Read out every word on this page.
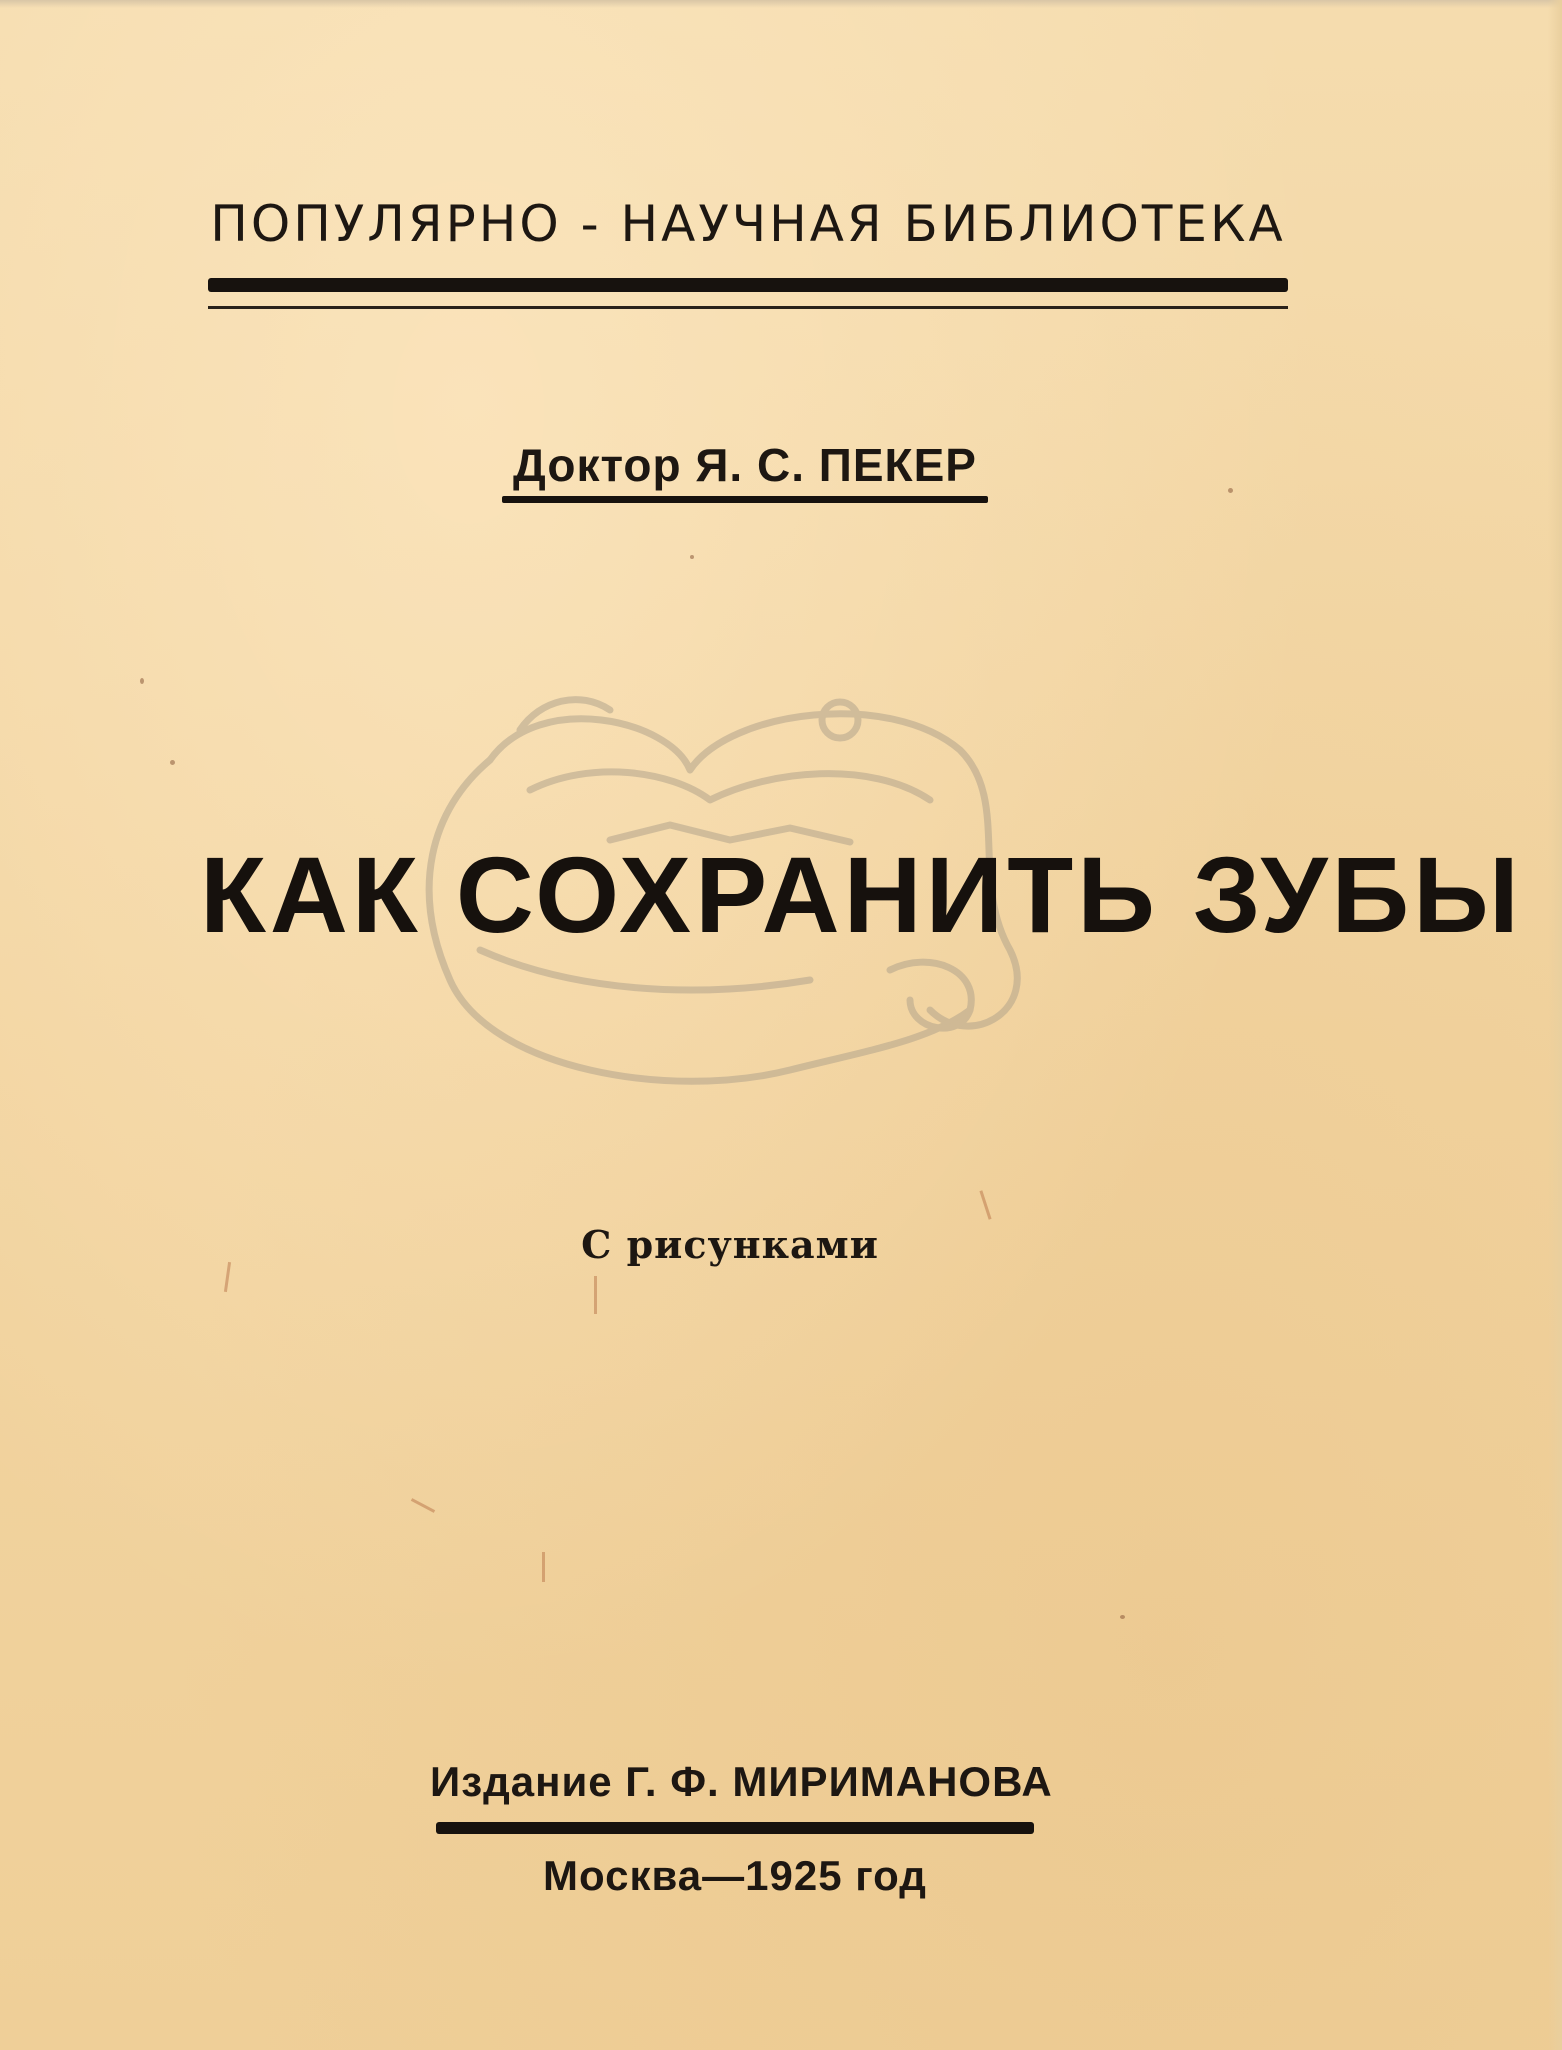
ПОПУЛЯРНО - НАУЧНАЯ БИБЛИОТЕКА
Доктор Я. С. ПЕКЕР
КАК СОХРАНИТЬ ЗУБЫ
С рисунками
Издание Г. Ф. МИРИМАНОВА
Москва—1925 год
